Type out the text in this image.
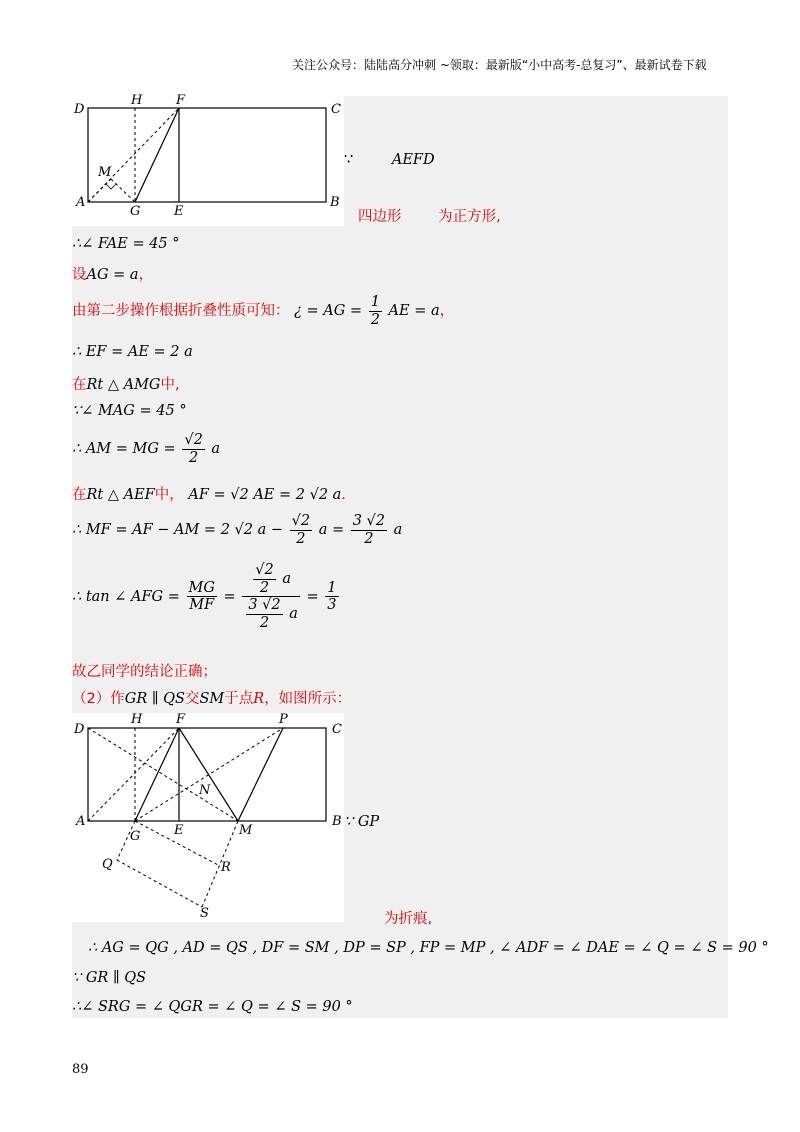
关注公众号：陆陆高分冲刺 ~领取：最新版“小中高考-总复习”、最新试卷下载
D
H	F
C
M
A
G	E
B
D
H	F	P
C
N
A
G	E	M
B
Q	R
S
∵	AEFD
四边形	为正方形,
∴∠ FAE = 45 °
设AG = a，
由第二步操作根据折叠性质可知： ¿ = AG = $\frac{1}{2}$ AE = a，
∴ EF = AE = 2 a
在Rt △ AMG中,
∵∠ MAG = 45 °
∴ AM = MG = $\frac{√2}{2}$ a
在Rt △ AEF中， AF = √2 AE = 2 √2 a.
∴ MF = AF − AM = 2 √2 $a - \frac{√2}{2}$ $a = \frac{3 √2}{2}$ a
∴ tan ∠ AFG = $\frac{MG}{MF} = \frac{\frac{√2}{2} a}{\frac{3 √2}{2} a} = \frac{1}{3}$
故乙同学的结论正确；
（2）作GR ∥ QS交SM于点R，如图所示：
∵ GP
为折痕,
∴ AG = QG , AD = QS , DF = SM , DP = SP , FP = MP , ∠ ADF = ∠ DAE = ∠ Q = ∠ S = 90 °
∵ GR ∥ QS
∴∠ SRG = ∠ QGR = ∠ Q = ∠ S = 90 °
89
